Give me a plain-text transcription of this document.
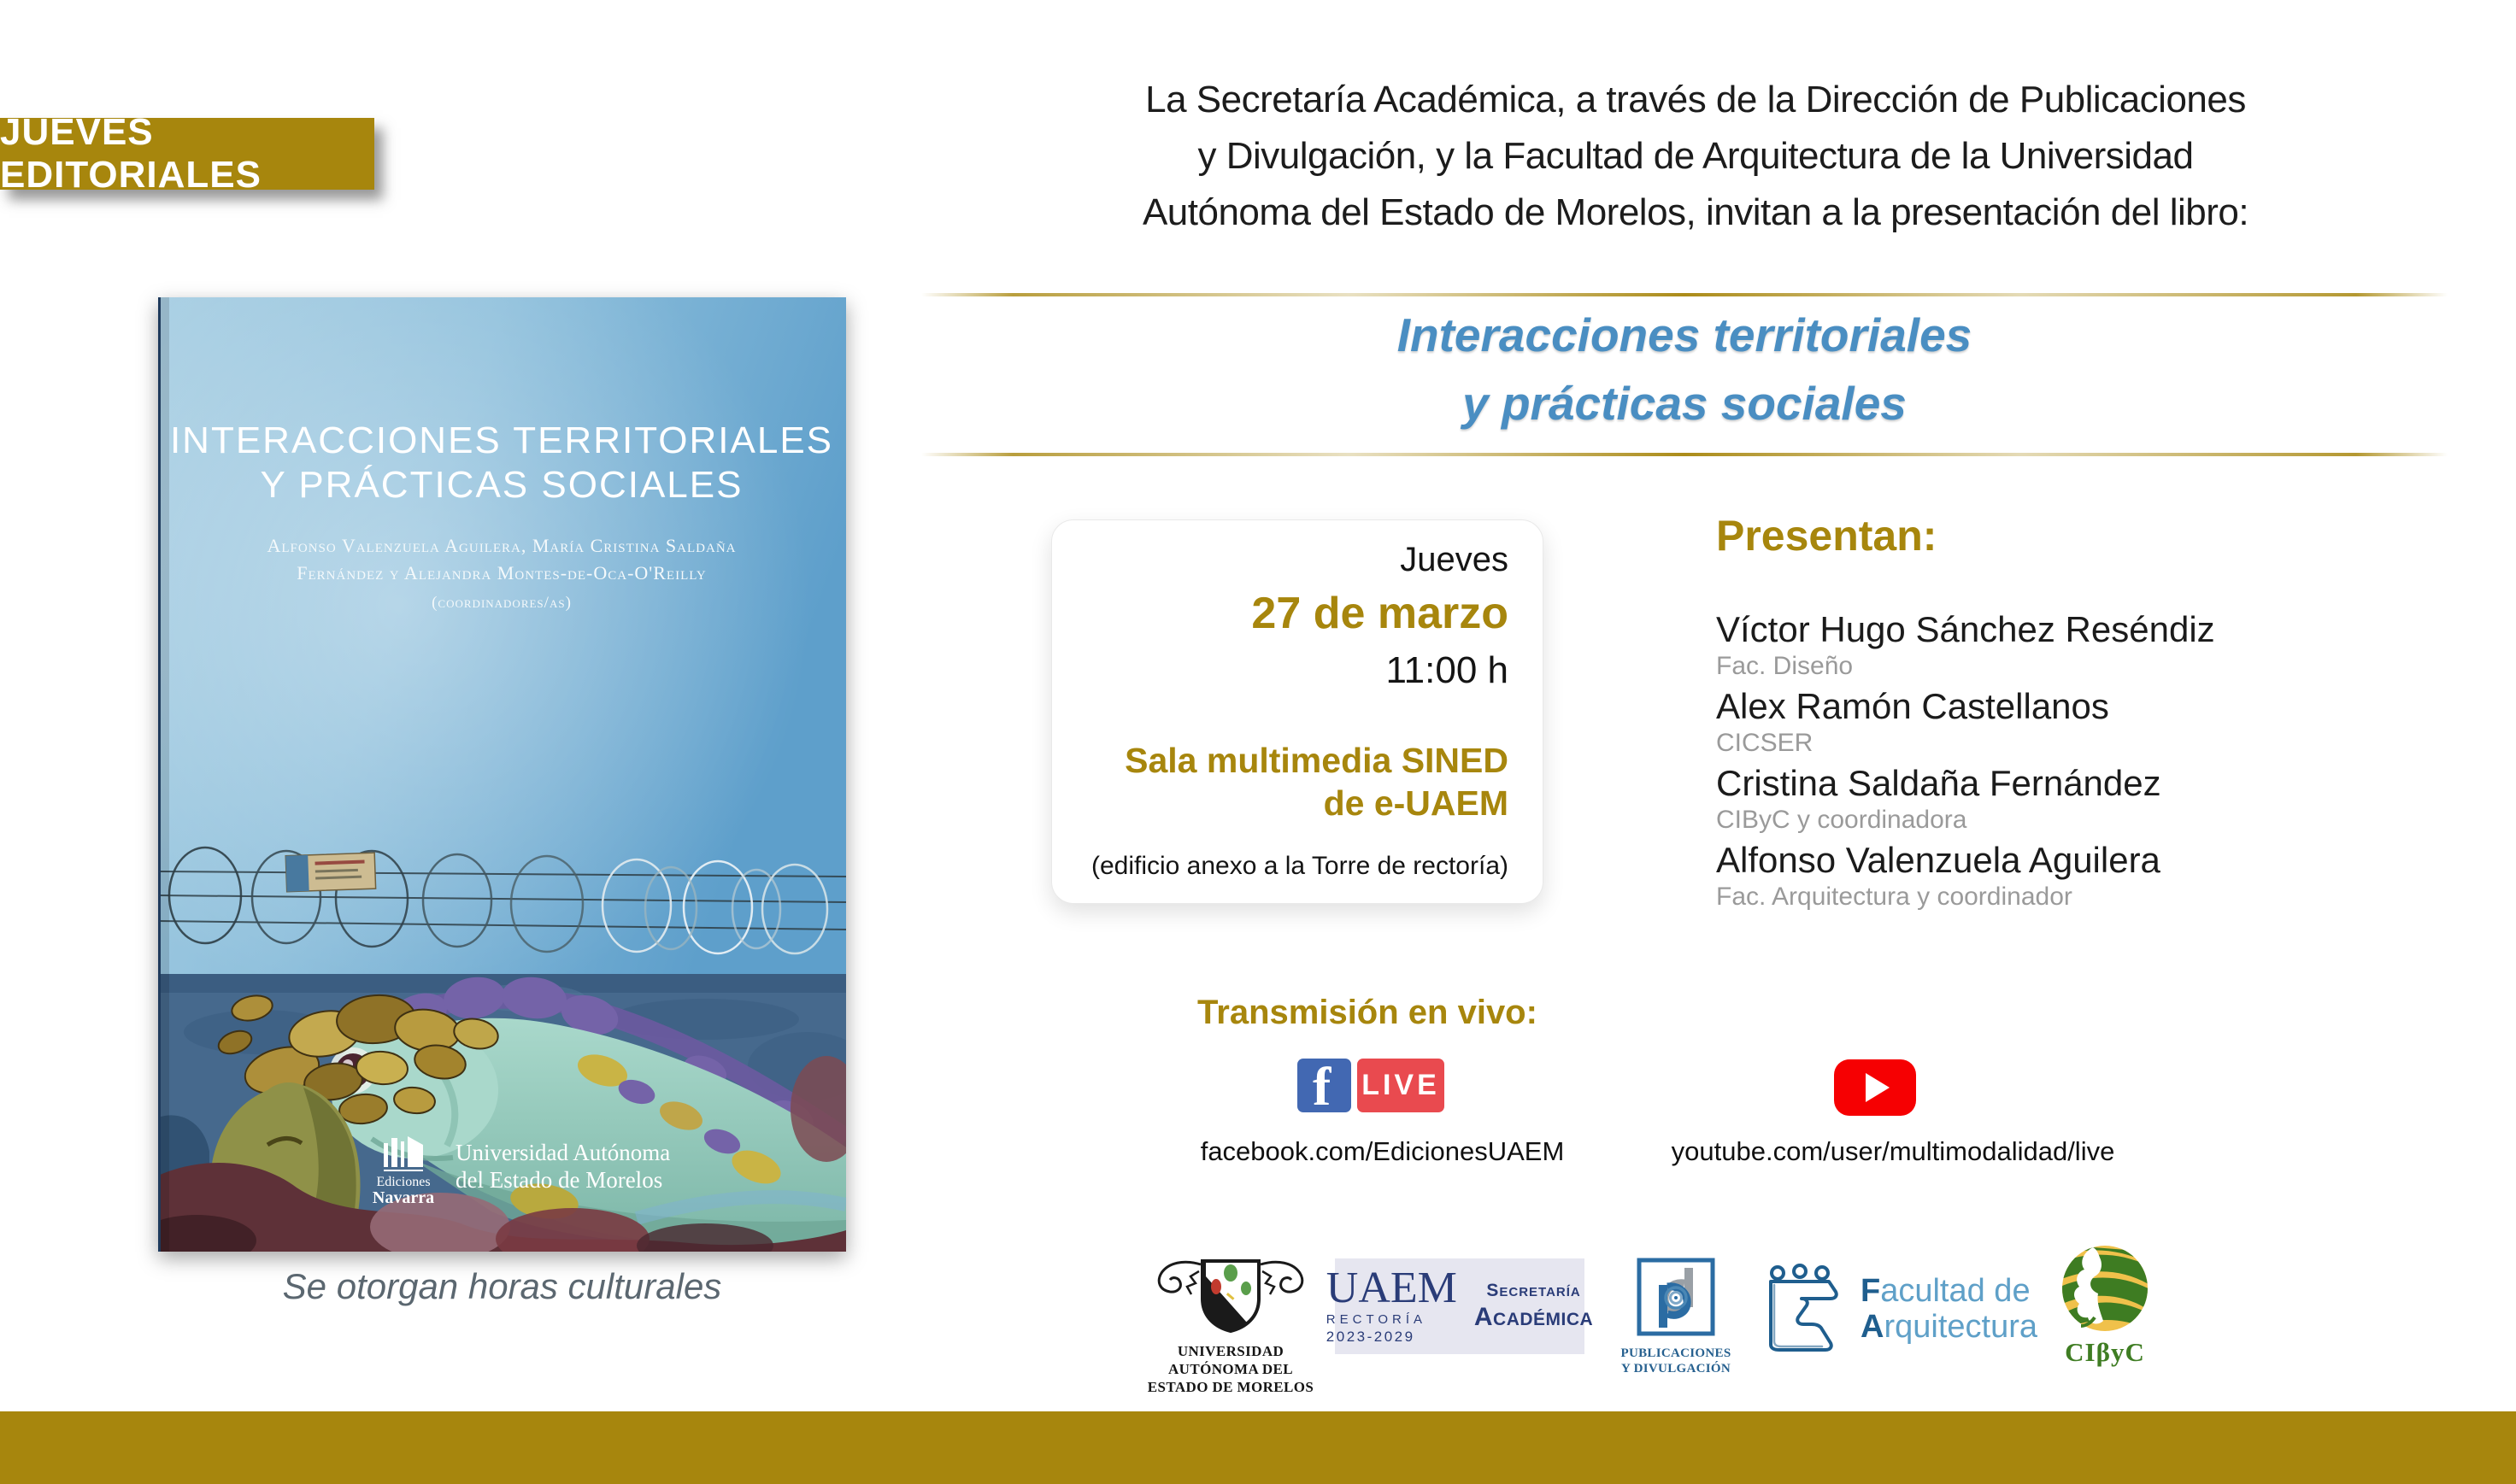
JUEVES EDITORIALES
La Secretaría Académica, a través de la Dirección de Publicaciones
y Divulgación, y la Facultad de Arquitectura de la Universidad
Autónoma del Estado de Morelos, invitan a la presentación del libro:
Interacciones territoriales
y prácticas sociales
INTERACCIONES TERRITORIALES
Y PRÁCTICAS SOCIALES
Alfonso Valenzuela Aguilera, María Cristina Saldaña
Fernández y Alejandra Montes-de-Oca-O'Reilly
(coordinadores/as)
Ediciones
Navarra
Universidad Autónoma
del Estado de Morelos
Se otorgan horas culturales
Jueves
27 de marzo
11:00 h
Sala multimedia SINED
de e-UAEM
(edificio anexo a la Torre de rectoría)
Presentan:
Víctor Hugo Sánchez Reséndiz
Fac. Diseño
Alex Ramón Castellanos
CICSER
Cristina Saldaña Fernández
CIByC y coordinadora
Alfonso Valenzuela Aguilera
Fac. Arquitectura y coordinador
Transmisión en vivo:
f LIVE
facebook.com/EdicionesUAEM	youtube.com/user/multimodalidad/live
UNIVERSIDAD AUTÓNOMA DEL
ESTADO DE MORELOS
UAEM
RECTORÍA
2023-2029
Secretaría
Académica
PUBLICACIONES
Y DIVULGACIÓN
Facultad de
Arquitectura
CIβyC
